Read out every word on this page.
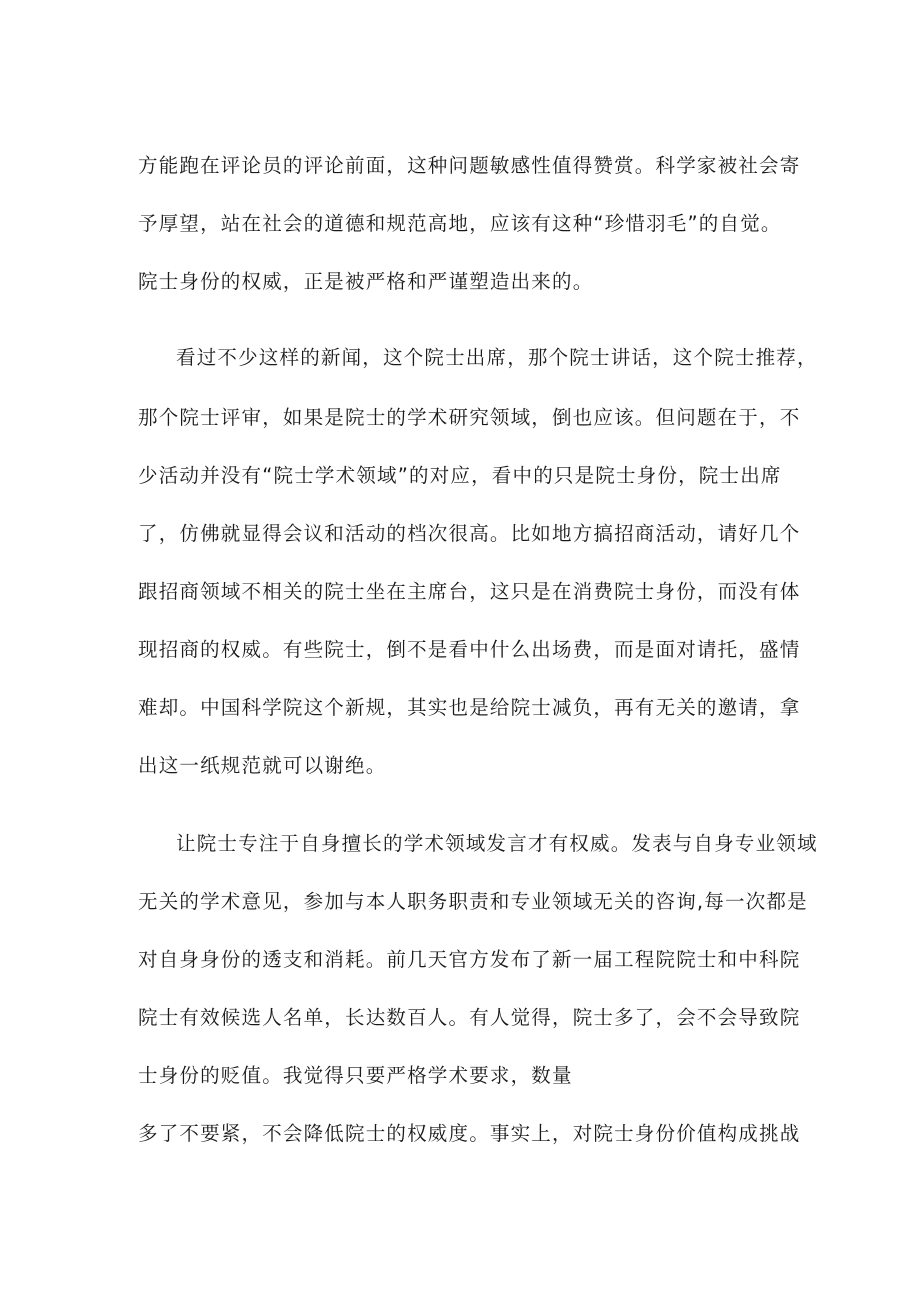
方能跑在评论员的评论前面，这种问题敏感性值得赞赏。科学家被社会寄

予厚望，站在社会的道德和规范高地，应该有这种“珍惜羽毛”的自觉。

院士身份的权威，正是被严格和严谨塑造出来的。

看过不少这样的新闻，这个院士出席，那个院士讲话，这个院士推荐，

那个院士评审，如果是院士的学术研究领域，倒也应该。但问题在于，不

少活动并没有“院士学术领域”的对应，看中的只是院士身份，院士出席

了，仿佛就显得会议和活动的档次很高。比如地方搞招商活动，请好几个

跟招商领域不相关的院士坐在主席台，这只是在消费院士身份，而没有体

现招商的权威。有些院士，倒不是看中什么出场费，而是面对请托，盛情

难却。中国科学院这个新规，其实也是给院士减负，再有无关的邀请，拿

出这一纸规范就可以谢绝。

让院士专注于自身擅长的学术领域发言才有权威。发表与自身专业领域

无关的学术意见，参加与本人职务职责和专业领域无关的咨询,每一次都是

对自身身份的透支和消耗。前几天官方发布了新一届工程院院士和中科院

院士有效候选人名单，长达数百人。有人觉得，院士多了，会不会导致院

士身份的贬值。我觉得只要严格学术要求，数量

多了不要紧，不会降低院士的权威度。事实上，对院士身份价值构成挑战
